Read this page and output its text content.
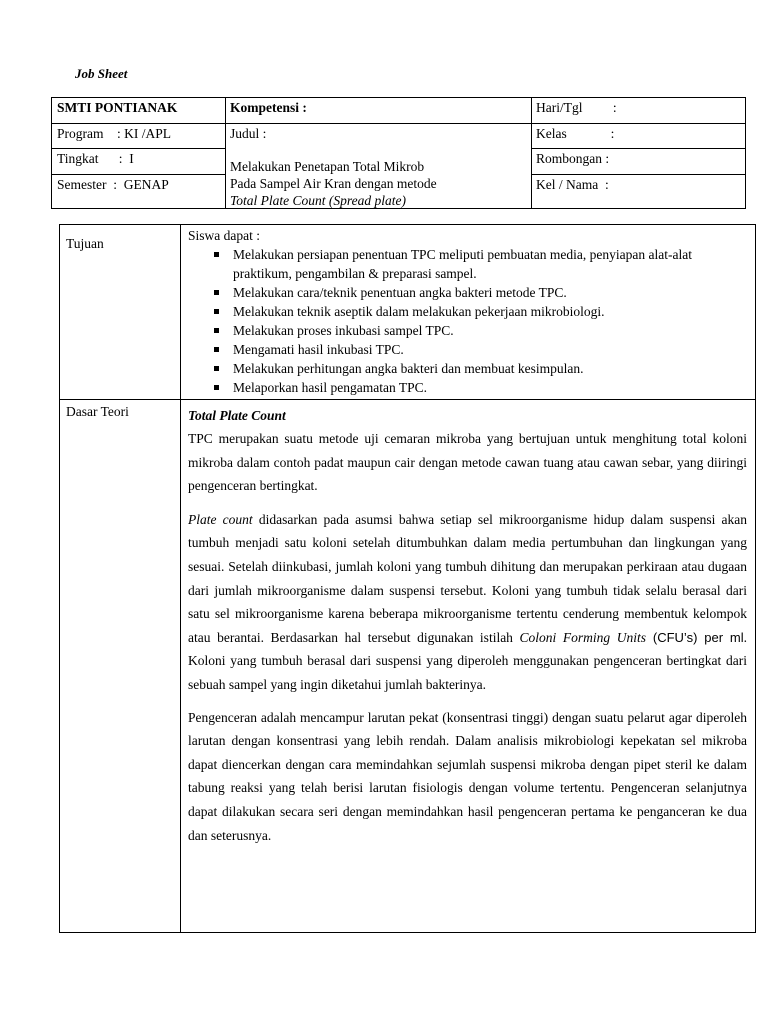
Job Sheet
SMTI PONTIANAK
Program    : KI /APL
Tingkat      :  I
Semester  :  GENAP
Kompetensi :
Judul :
Melakukan Penetapan Total Mikrob
Pada Sampel Air Kran dengan metode
Total Plate Count (Spread plate)
Hari/Tgl         :
Kelas             :
Rombongan :
Kel / Nama  :
Tujuan
Siswa dapat :
Melakukan persiapan penentuan TPC meliputi pembuatan media, penyiapan alat-alat praktikum, pengambilan & preparasi sampel.
Melakukan cara/teknik penentuan angka bakteri metode TPC.
Melakukan teknik aseptik dalam melakukan pekerjaan mikrobiologi.
Melakukan proses inkubasi sampel TPC.
Mengamati hasil inkubasi TPC.
Melakukan perhitungan angka bakteri dan membuat kesimpulan.
Melaporkan hasil pengamatan TPC.
Dasar Teori	Total Plate Count

TPC merupakan suatu metode uji cemaran mikroba yang bertujuan untuk menghitung total koloni mikroba dalam contoh padat maupun cair dengan metode cawan tuang atau cawan sebar, yang diiringi pengenceran bertingkat.

Plate count didasarkan pada asumsi bahwa setiap sel mikroorganisme hidup dalam suspensi akan tumbuh menjadi satu koloni setelah ditumbuhkan dalam media pertumbuhan dan lingkungan yang sesuai. Setelah diinkubasi, jumlah koloni yang tumbuh dihitung dan merupakan perkiraan atau dugaan dari jumlah mikroorganisme dalam suspensi tersebut. Koloni yang tumbuh tidak selalu berasal dari satu sel mikroorganisme karena beberapa mikroorganisme tertentu cenderung membentuk kelompok atau berantai. Berdasarkan hal tersebut digunakan istilah Coloni Forming Units (CFU’s) per ml. Koloni yang tumbuh berasal dari suspensi yang diperoleh menggunakan pengenceran bertingkat dari sebuah sampel yang ingin diketahui jumlah bakterinya.

Pengenceran adalah mencampur larutan pekat (konsentrasi tinggi) dengan suatu pelarut agar diperoleh larutan dengan konsentrasi yang lebih rendah. Dalam analisis mikrobiologi kepekatan sel mikroba dapat diencerkan dengan cara memindahkan sejumlah suspensi mikroba dengan pipet steril ke dalam tabung reaksi yang telah berisi larutan fisiologis dengan volume tertentu. Pengenceran selanjutnya dapat dilakukan secara seri dengan memindahkan hasil pengenceran pertama ke penganceran ke dua dan seterusnya.
